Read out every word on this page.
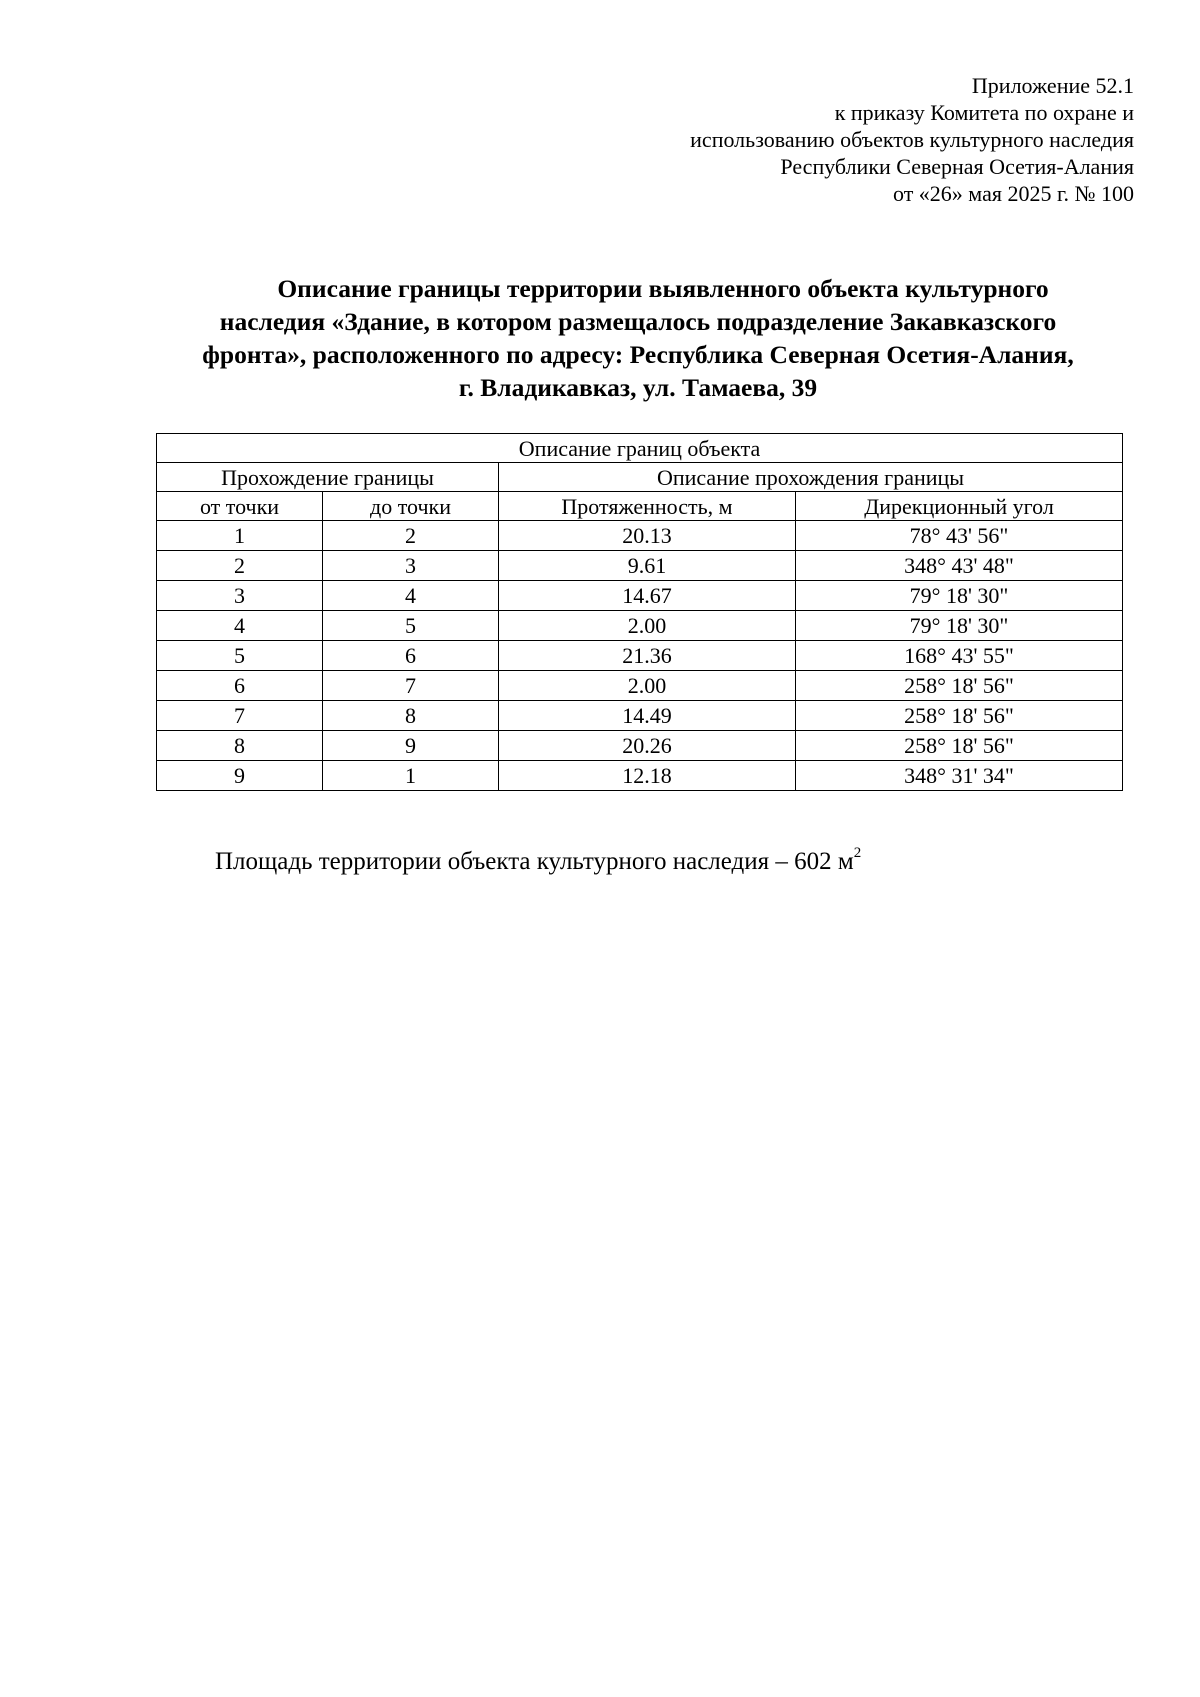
Приложение 52.1
к приказу Комитета по охране и
использованию объектов культурного наследия
Республики Северная Осетия-Алания
от «26» мая 2025 г. № 100
Описание границы территории выявленного объекта культурного
наследия «Здание, в котором размещалось подразделение Закавказского
фронта», расположенного по адресу: Республика Северная Осетия-Алания,
г. Владикавказ, ул. Тамаева, 39
Описание границ объекта			
Прохождение границы		Описание прохождения границы	
от точки	до точки	Протяженность, м	Дирекционный угол
1	2	20.13	78° 43' 56"
2	3	9.61	348° 43' 48"
3	4	14.67	79° 18' 30"
4	5	2.00	79° 18' 30"
5	6	21.36	168° 43' 55"
6	7	2.00	258° 18' 56"
7	8	14.49	258° 18' 56"
8	9	20.26	258° 18' 56"
9	1	12.18	348° 31' 34"
Площадь территории объекта культурного наследия – 602 $м^2$
